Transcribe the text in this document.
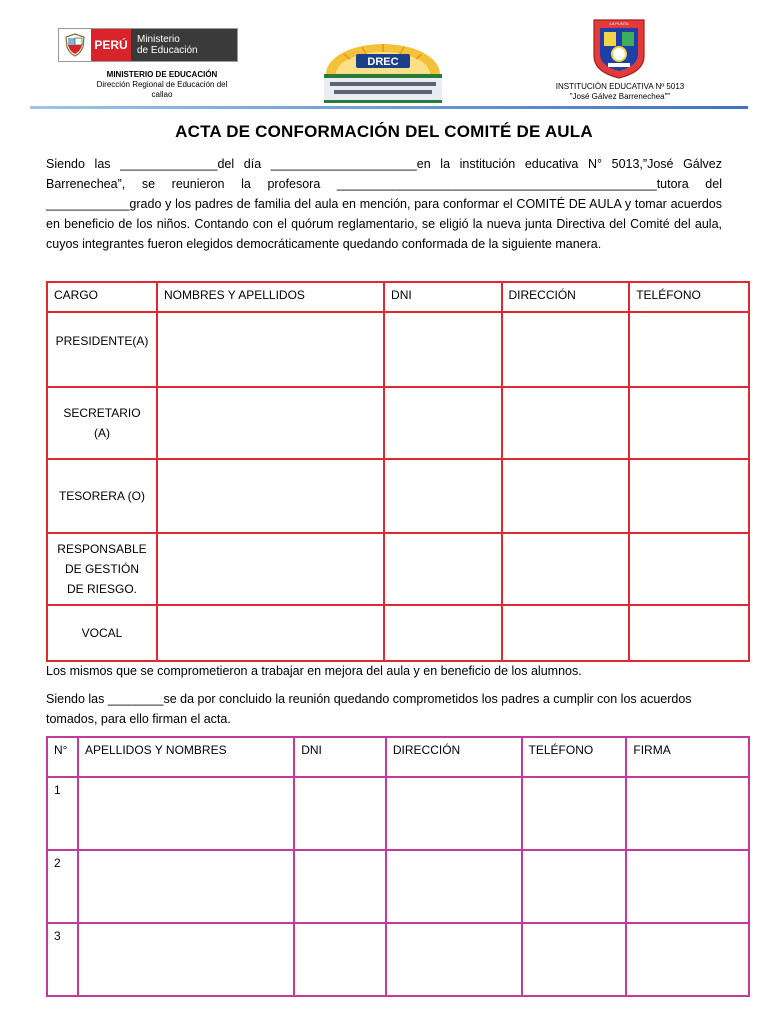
PERÚ Ministerio
de Educación
MINISTERIO DE EDUCACIÓN
Dirección Regional de Educación del
callao
DREC
LA PUNTA
INSTITUCIÓN EDUCATIVA Nº 5013
"José Gálvez Barrenechea""
ACTA DE CONFORMACIÓN DEL COMITÉ DE AULA
Siendo las ______________del día _____________________en la institución educativa N° 5013,”José Gálvez Barrenechea”, se reunieron la profesora ______________________________________________tutora del ____________grado y los padres de familia del aula en mención, para conformar el COMITÉ DE AULA y tomar acuerdos en beneficio de los niños. Contando con el quórum reglamentario, se eligió la nueva junta Directiva del Comité del aula, cuyos integrantes fueron elegidos democráticamente quedando conformada de la siguiente manera.
CARGO	NOMBRES Y APELLIDOS	DNI	DIRECCIÓN	TELÉFONO

PRESIDENTE(A)				

SECRETARIO
(A)				

TESORERA (O)				

RESPONSABLE
DE GESTIÓN
DE RIESGO.				

VOCAL				

Los mismos que se comprometieron a trabajar en mejora del aula y en beneficio de los alumnos.
Siendo las ________se da por concluido la reunión quedando comprometidos los padres a cumplir con los acuerdos tomados, para ello firman el acta.
N°	APELLIDOS Y NOMBRES	DNI	DIRECCIÓN	TELÉFONO	FIRMA
1					
2					
3					
